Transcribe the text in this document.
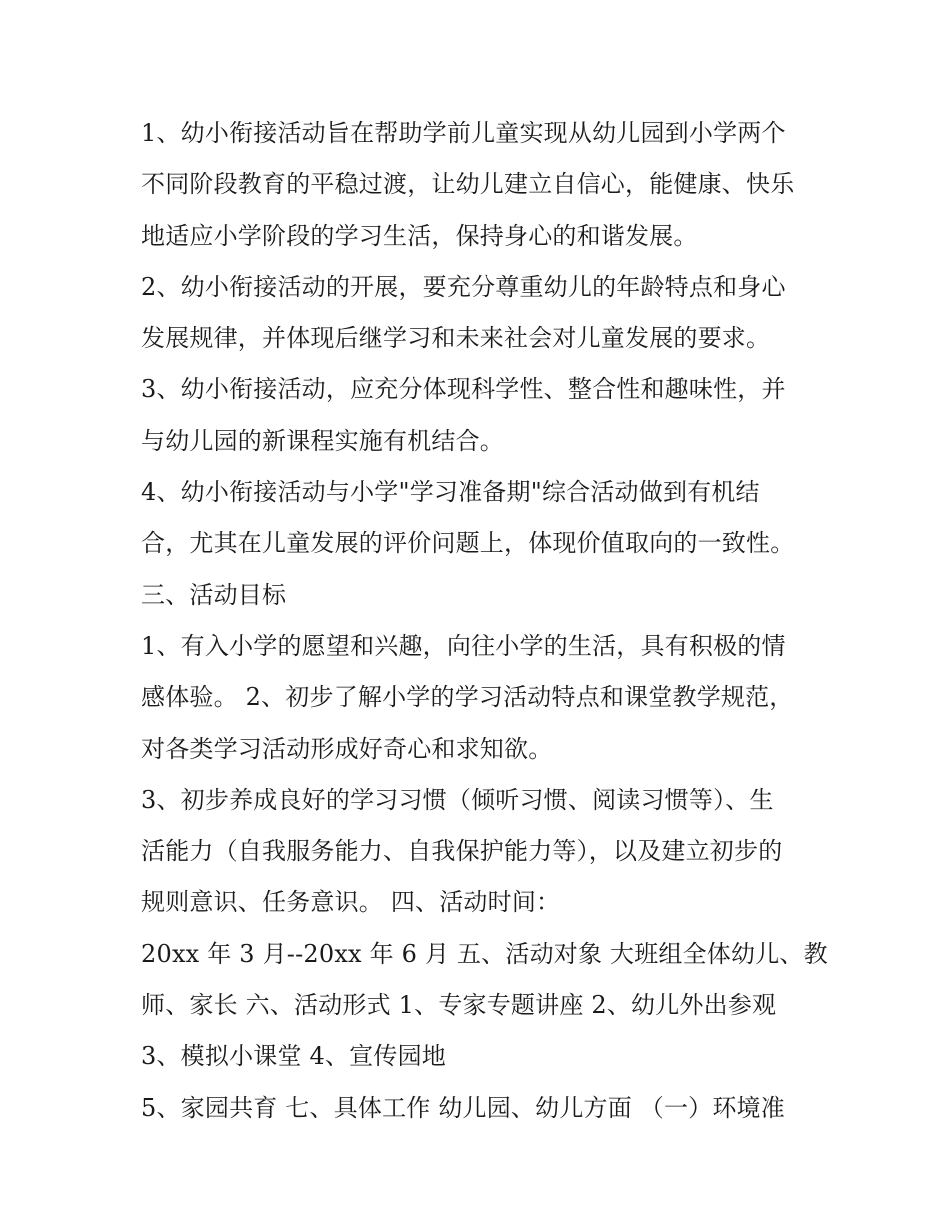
1、幼小衔接活动旨在帮助学前儿童实现从幼儿园到小学两个
不同阶段教育的平稳过渡，让幼儿建立自信心，能健康、快乐
地适应小学阶段的学习生活，保持身心的和谐发展。
2、幼小衔接活动的开展，要充分尊重幼儿的年龄特点和身心
发展规律，并体现后继学习和未来社会对儿童发展的要求。
3、幼小衔接活动，应充分体现科学性、整合性和趣味性，并
与幼儿园的新课程实施有机结合。
4、幼小衔接活动与小学"学习准备期"综合活动做到有机结
合，尤其在儿童发展的评价问题上，体现价值取向的一致性。
三、活动目标
1、有入小学的愿望和兴趣，向往小学的生活，具有积极的情
感体验。 2、初步了解小学的学习活动特点和课堂教学规范，
对各类学习活动形成好奇心和求知欲。
3、初步养成良好的学习习惯（倾听习惯、阅读习惯等）、生
活能力（自我服务能力、自我保护能力等），以及建立初步的
规则意识、任务意识。 四、活动时间：
20xx 年 3 月--20xx 年 6 月 五、活动对象 大班组全体幼儿、教
师、家长 六、活动形式 1、专家专题讲座 2、幼儿外出参观
3、模拟小课堂 4、宣传园地
5、家园共育 七、具体工作 幼儿园、幼儿方面 （一）环境准
